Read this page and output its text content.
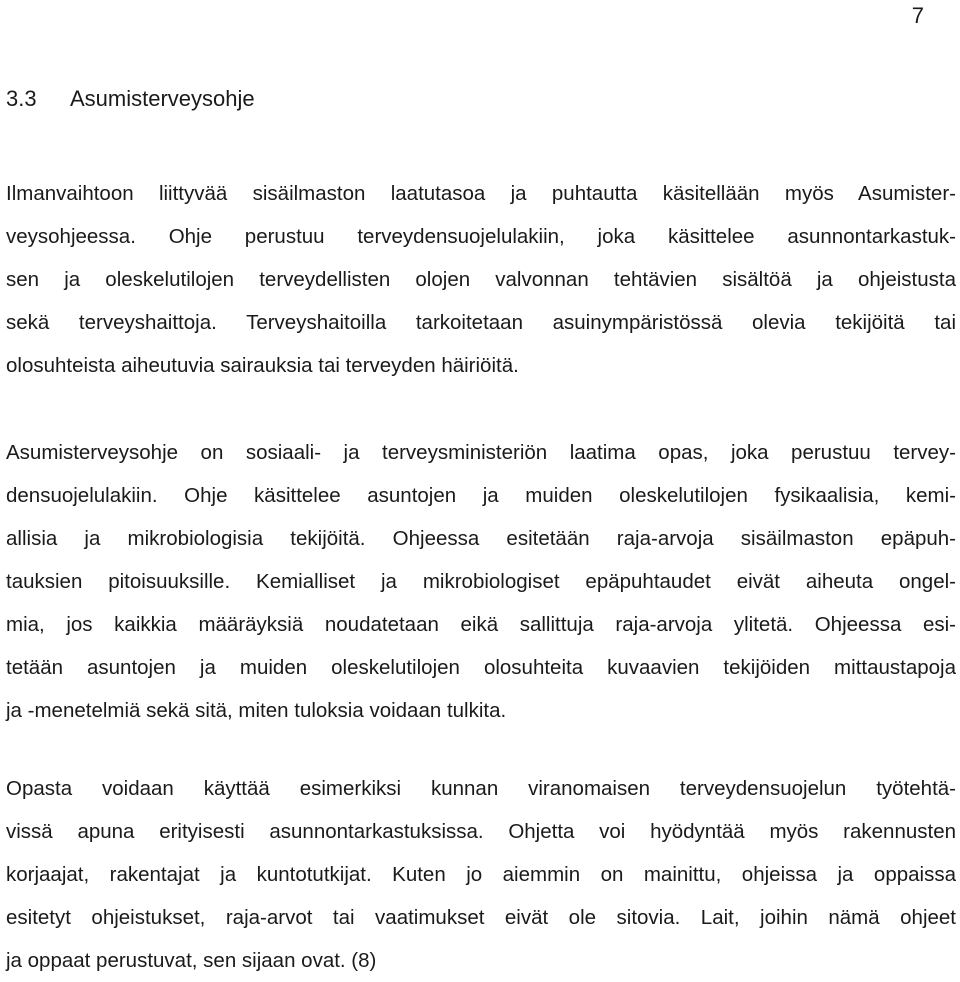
7
3.3	Asumisterveysohje
Ilmanvaihtoon liittyvää sisäilmaston laatutasoa ja puhtautta käsitellään myös Asumister-
veysohjeessa. Ohje perustuu terveydensuojelulakiin, joka käsittelee asunnontarkastuk-
sen ja oleskelutilojen terveydellisten olojen valvonnan tehtävien sisältöä ja ohjeistusta
sekä terveyshaittoja. Terveyshaitoilla tarkoitetaan asuinympäristössä olevia tekijöitä tai
olosuhteista aiheutuvia sairauksia tai terveyden häiriöitä.
Asumisterveysohje on sosiaali- ja terveysministeriön laatima opas, joka perustuu tervey-
densuojelulakiin. Ohje käsittelee asuntojen ja muiden oleskelutilojen fysikaalisia, kemi-
allisia ja mikrobiologisia tekijöitä. Ohjeessa esitetään raja-arvoja sisäilmaston epäpuh-
tauksien pitoisuuksille. Kemialliset ja mikrobiologiset epäpuhtaudet eivät aiheuta ongel-
mia, jos kaikkia määräyksiä noudatetaan eikä sallittuja raja-arvoja ylitetä. Ohjeessa esi-
tetään asuntojen ja muiden oleskelutilojen olosuhteita kuvaavien tekijöiden mittaustapoja
ja -menetelmiä sekä sitä, miten tuloksia voidaan tulkita.
Opasta voidaan käyttää esimerkiksi kunnan viranomaisen terveydensuojelun työtehtä-
vissä apuna erityisesti asunnontarkastuksissa. Ohjetta voi hyödyntää myös rakennusten
korjaajat, rakentajat ja kuntotutkijat. Kuten jo aiemmin on mainittu, ohjeissa ja oppaissa
esitetyt ohjeistukset, raja-arvot tai vaatimukset eivät ole sitovia. Lait, joihin nämä ohjeet
ja oppaat perustuvat, sen sijaan ovat. (8)
